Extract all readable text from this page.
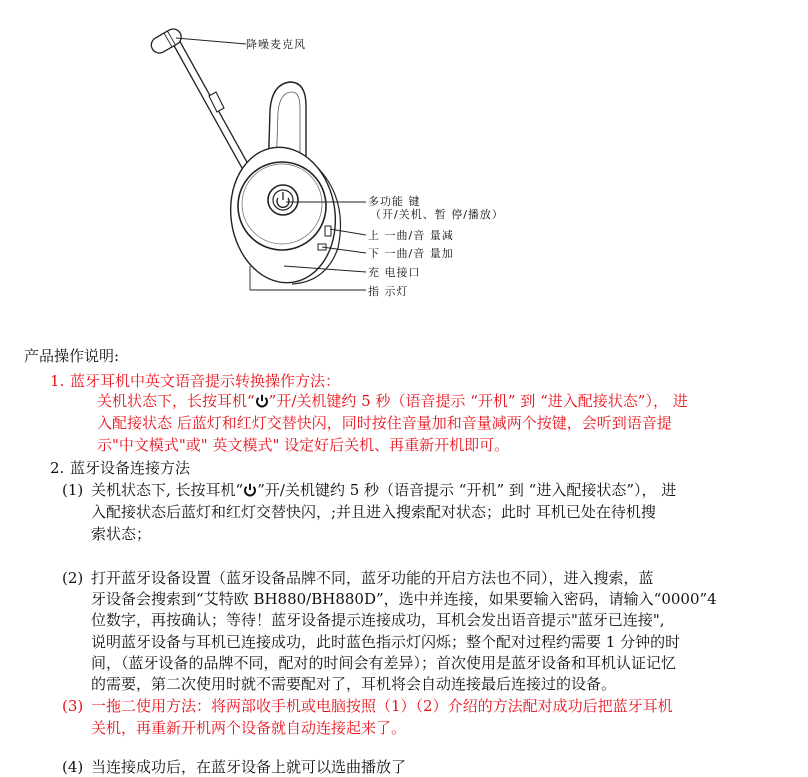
降噪麦克风
多功能 键
（开/关机、暂 停/播放）
上 一曲/音 量减
下 一曲/音 量加
充 电接口
指 示灯
产品操作说明:
1. 蓝牙耳机中英文语音提示转换操作方法：
关机状态下，长按耳机“ ”开/关机键约 5 秒（语音提示 “开机” 到 “进入配接状态”）， 进
入配接状态 后蓝灯和红灯交替快闪，同时按住音量加和音量减两个按键，会听到语音提
示"中文模式"或" 英文模式" 设定好后关机、再重新开机即可。
2. 蓝牙设备连接方法
(1) 关机状态下, 长按耳机“ ”开/关机键约 5 秒（语音提示 “开机” 到 “进入配接状态”）， 进
入配接状态后蓝灯和红灯交替快闪，;并且进入搜索配对状态；此时 耳机已处在待机搜
索状态；
(2) 打开蓝牙设备设置（蓝牙设备品牌不同，蓝牙功能的开启方法也不同），进入搜索，蓝
牙设备会搜索到“艾特欧 BH880/BH880D”，选中并连接，如果要输入密码，请输入“0000”4
位数字，再按确认；等待！蓝牙设备提示连接成功，耳机会发出语音提示"蓝牙已连接",
说明蓝牙设备与耳机已连接成功，此时蓝色指示灯闪烁；整个配对过程约需要 1 分钟的时
间，（蓝牙设备的品牌不同，配对的时间会有差异）；首次使用是蓝牙设备和耳机认证记忆
的需要，第二次使用时就不需要配对了，耳机将会自动连接最后连接过的设备。
(3) 一拖二使用方法：将两部收手机或电脑按照（1）（2）介绍的方法配对成功后把蓝牙耳机
关机，再重新开机两个设备就自动连接起来了。
(4) 当连接成功后，在蓝牙设备上就可以选曲播放了
